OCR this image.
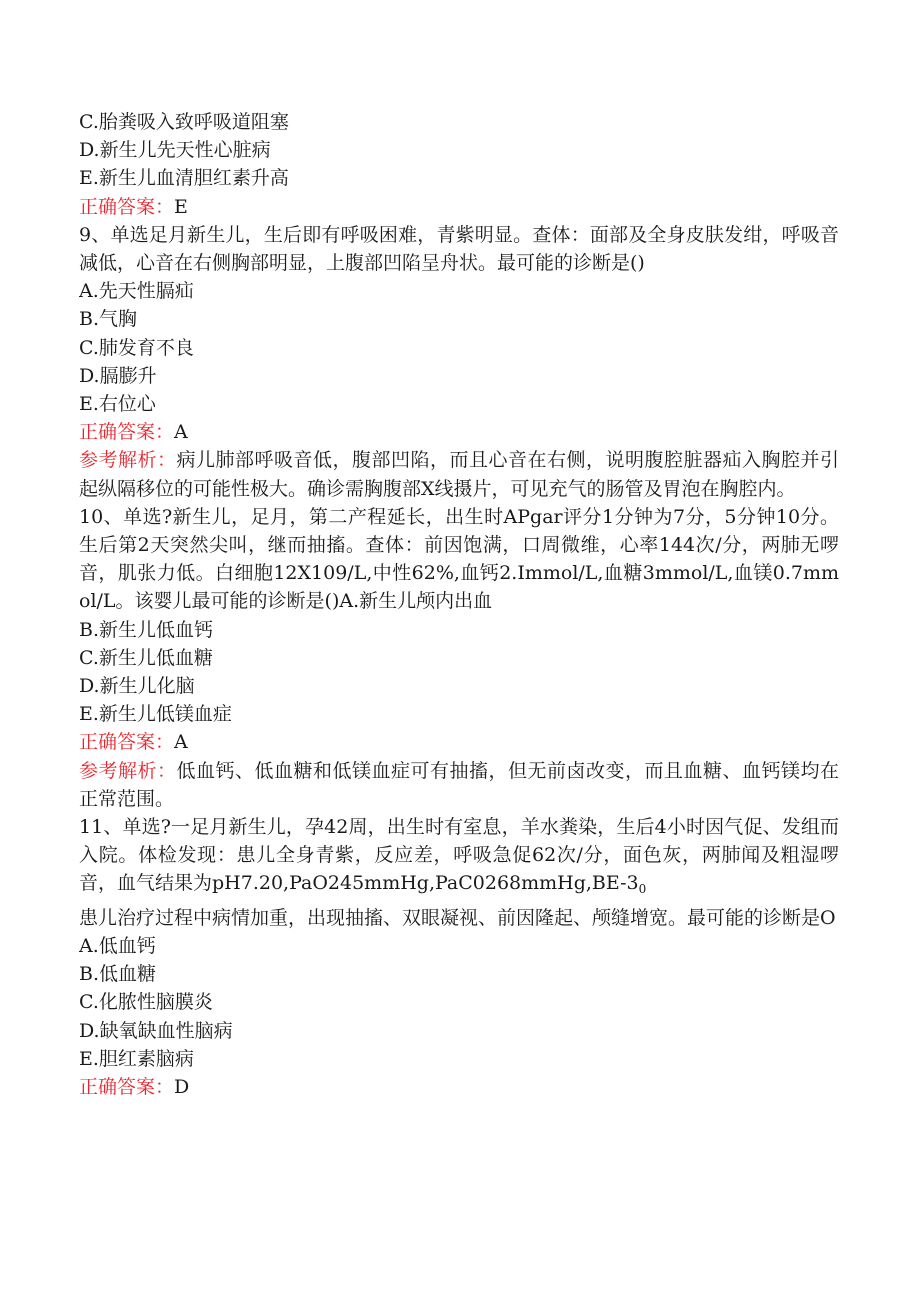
C.胎粪吸入致呼吸道阻塞

D.新生儿先天性心脏病

E.新生儿血清胆红素升高

正确答案：E

9、单选足月新生儿，生后即有呼吸困难，青紫明显。查体：面部及全身皮肤发绀，呼吸音减低，心音在右侧胸部明显，上腹部凹陷呈舟状。最可能的诊断是()

A.先天性膈疝

B.气胸

C.肺发育不良

D.膈膨升

E.右位心

正确答案：A

参考解析：病儿肺部呼吸音低，腹部凹陷，而且心音在右侧，说明腹腔脏器疝入胸腔并引起纵隔移位的可能性极大。确诊需胸腹部X线摄片，可见充气的肠管及胃泡在胸腔内。

10、单选?新生儿，足月，第二产程延长，出生时APgar评分1分钟为7分，5分钟10分。生后第2天突然尖叫，继而抽搐。查体：前因饱满，口周微维，心率144次/分，两肺无啰音，肌张力低。白细胞12X109/L,中性62%,血钙2.Immol/L,血糖3mmol/L,血镁0.7mmol/L。该婴儿最可能的诊断是()A.新生儿颅内出血

B.新生儿低血钙

C.新生儿低血糖

D.新生儿化脑

E.新生儿低镁血症

正确答案：A

参考解析：低血钙、低血糖和低镁血症可有抽搐，但无前卤改变，而且血糖、血钙镁均在正常范围。

11、单选?一足月新生儿，孕42周，出生时有室息，羊水粪染，生后4小时因气促、发组而入院。体检发现：患儿全身青紫，反应差，呼吸急促62次/分，面色灰，两肺闻及粗湿啰音，血气结果为$pH7.20,PaO245mmHg,PaC0268mmHg,BE-3_0$

患儿治疗过程中病情加重，出现抽搐、双眼凝视、前因隆起、颅缝增宽。最可能的诊断是O

A.低血钙

B.低血糖

C.化脓性脑膜炎

D.缺氧缺血性脑病

E.胆红素脑病

正确答案：D
